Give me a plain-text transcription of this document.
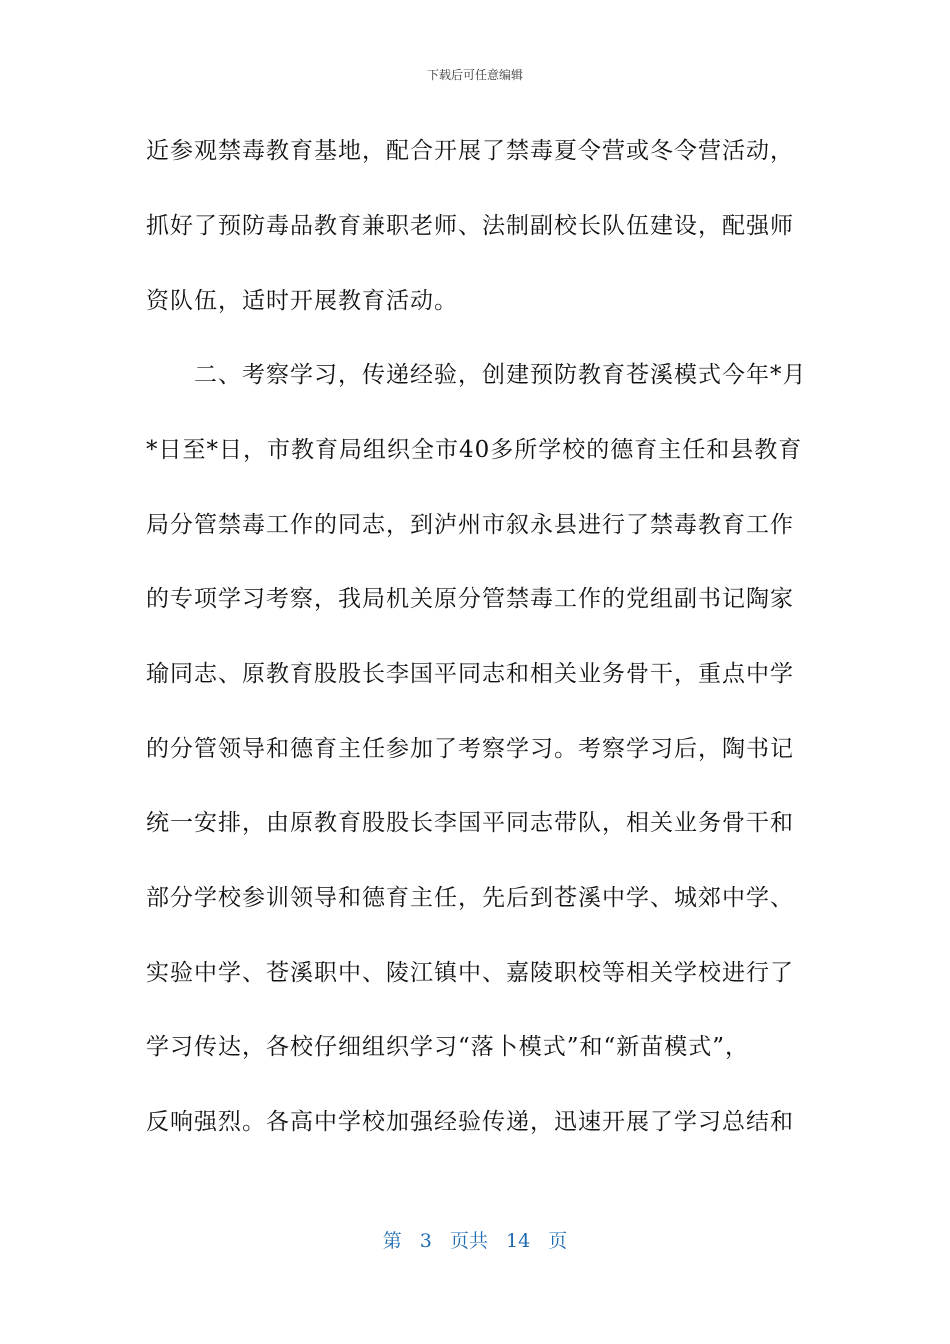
下载后可任意编辑
近参观禁毒教育基地，配合开展了禁毒夏令营或冬令营活动，
抓好了预防毒品教育兼职老师、法制副校长队伍建设，配强师
资队伍，适时开展教育活动。
二、考察学习，传递经验，创建预防教育苍溪模式今年*月
*日至*日，市教育局组织全市40多所学校的德育主任和县教育
局分管禁毒工作的同志，到泸州市叙永县进行了禁毒教育工作
的专项学习考察，我局机关原分管禁毒工作的党组副书记陶家
瑜同志、原教育股股长李国平同志和相关业务骨干，重点中学
的分管领导和德育主任参加了考察学习。考察学习后，陶书记
统一安排，由原教育股股长李国平同志带队，相关业务骨干和
部分学校参训领导和德育主任，先后到苍溪中学、城郊中学、
实验中学、苍溪职中、陵江镇中、嘉陵职校等相关学校进行了
学习传达，各校仔细组织学习“落卜模式”和“新苗模式”，
反响强烈。各高中学校加强经验传递，迅速开展了学习总结和
第 3 页共 14 页
